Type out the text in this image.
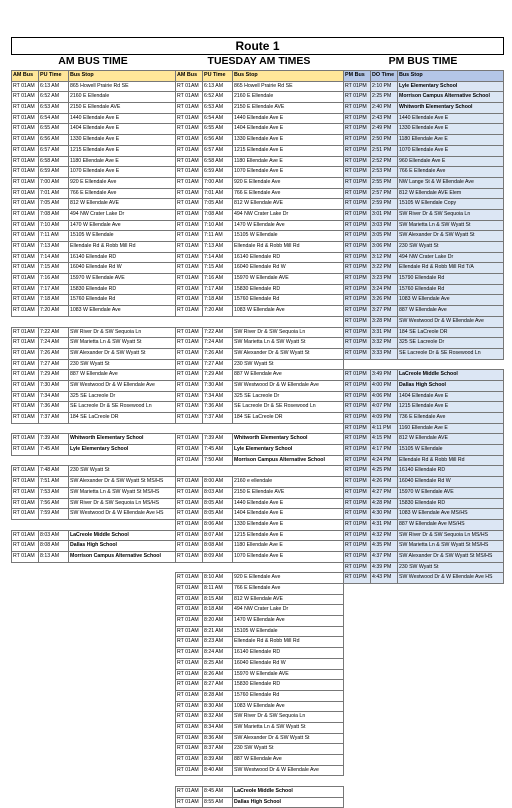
Route 1
AM BUS TIME	TUESDAY AM TIMES	PM BUS TIME
AM Bus	PU Time	Bus Stop
RT 01AM	6:13 AM	865 Howell Prairie Rd SE
RT 01AM	6:52 AM	2160 E Ellendale
RT 01AM	6:53 AM	2150 E Ellendale AVE
RT 01AM	6:54 AM	1440 Ellendale Ave E
RT 01AM	6:55 AM	1404 Ellendale Ave E
RT 01AM	6:56 AM	1330 Ellendale Ave E
RT 01AM	6:57 AM	1215 Ellendale Ave E
RT 01AM	6:58 AM	1180 Ellendale Ave E
RT 01AM	6:59 AM	1070 Ellendale Ave E
RT 01AM	7:00 AM	920 E Ellendale Ave
RT 01AM	7:01 AM	766 E Ellendale Ave
RT 01AM	7:05 AM	812 W Ellendale AVE
RT 01AM	7:08 AM	494 NW Crater Lake Dr
RT 01AM	7:10 AM	1470 W Ellendale Ave
RT 01AM	7:11 AM	15105 W Ellendale
RT 01AM	7:13 AM	Ellendale Rd & Robb Mill Rd
RT 01AM	7:14 AM	16140 Ellendale RD
RT 01AM	7:15 AM	16040 Ellendale Rd W
RT 01AM	7:16 AM	15970 W Ellendale AVE
RT 01AM	7:17 AM	15830 Ellendale RD
RT 01AM	7:18 AM	15760 Ellendale Rd
RT 01AM	7:20 AM	1083 W Ellendale Ave

RT 01AM	7:22 AM	SW River Dr & SW Sequoia Ln
RT 01AM	7:24 AM	SW Marietta Ln & SW Wyatt St
RT 01AM	7:26 AM	SW Alexander Dr & SW Wyatt St
RT 01AM	7:27 AM	230 SW Wyatt St
RT 01AM	7:29 AM	887 W Ellendale Ave
RT 01AM	7:30 AM	SW Westwood Dr & W Ellendale Ave
RT 01AM	7:34 AM	325 SE Lacreole Dr
RT 01AM	7:36 AM	SE Lacreole Dr & SE Rosewood Ln
RT 01AM	7:37 AM	184 SE LaCreole DR

RT 01AM	7:39 AM	Whitworth Elementary School
RT 01AM	7:45 AM	Lyle Elementary School

RT 01AM	7:48 AM	230 SW Wyatt St
RT 01AM	7:51 AM	SW Alexander Dr & SW Wyatt St MS/HS
RT 01AM	7:53 AM	SW Marietta Ln & SW Wyatt St MS/HS
RT 01AM	7:56 AM	SW River Dr & SW Sequoia Ln MS/HS
RT 01AM	7:59 AM	SW Westwood Dr & W Ellendale Ave HS

RT 01AM	8:03 AM	LaCreole Middle School
RT 01AM	8:08 AM	Dallas High School
RT 01AM	8:13 AM	Morrison Campus Alternative School
AM Bus	PU Time	Bus Stop
RT 01AM	6:13 AM	865 Howell Prairie Rd SE
RT 01AM	6:52 AM	2160 E Ellendale
RT 01AM	6:53 AM	2150 E Ellendale AVE
RT 01AM	6:54 AM	1440 Ellendale Ave E
RT 01AM	6:55 AM	1404 Ellendale Ave E
RT 01AM	6:56 AM	1330 Ellendale Ave E
RT 01AM	6:57 AM	1215 Ellendale Ave E
RT 01AM	6:58 AM	1180 Ellendale Ave E
RT 01AM	6:59 AM	1070 Ellendale Ave E
RT 01AM	7:00 AM	920 E Ellendale Ave
RT 01AM	7:01 AM	766 E Ellendale Ave
RT 01AM	7:05 AM	812 W Ellendale AVE
RT 01AM	7:08 AM	494 NW Crater Lake Dr
RT 01AM	7:10 AM	1470 W Ellendale Ave
RT 01AM	7:11 AM	15105 W Ellendale
RT 01AM	7:13 AM	Ellendale Rd & Robb Mill Rd
RT 01AM	7:14 AM	16140 Ellendale RD
RT 01AM	7:15 AM	16040 Ellendale Rd W
RT 01AM	7:16 AM	15970 W Ellendale AVE
RT 01AM	7:17 AM	15830 Ellendale RD
RT 01AM	7:18 AM	15760 Ellendale Rd
RT 01AM	7:20 AM	1083 W Ellendale Ave

RT 01AM	7:22 AM	SW River Dr & SW Sequoia Ln
RT 01AM	7:24 AM	SW Marietta Ln & SW Wyatt St
RT 01AM	7:26 AM	SW Alexander Dr & SW Wyatt St
RT 01AM	7:27 AM	230 SW Wyatt St
RT 01AM	7:29 AM	887 W Ellendale Ave
RT 01AM	7:30 AM	SW Westwood Dr & W Ellendale Ave
RT 01AM	7:34 AM	325 SE Lacreole Dr
RT 01AM	7:36 AM	SE Lacreole Dr & SE Rosewood Ln
RT 01AM	7:37 AM	184 SE LaCreole DR

RT 01AM	7:39 AM	Whitworth Elementary School
RT 01AM	7:45 AM	Lyle Elementary School
RT 01AM	7:50 AM	Morrison Campus Alternative School

RT 01AM	8:00 AM	2160 e ellendale
RT 01AM	8:03 AM	2150 E Ellendale AVE
RT 01AM	8:05 AM	1440 Ellendale Ave E
RT 01AM	8:05 AM	1404 Ellendale Ave E
RT 01AM	8:06 AM	1330 Ellendale Ave E
RT 01AM	8:07 AM	1215 Ellendale Ave E
RT 01AM	8:08 AM	1180 Ellendale Ave E
RT 01AM	8:09 AM	1070 Ellendale Ave E

RT 01AM	8:10 AM	920 E Ellendale Ave
RT 01AM	8:11 AM	766 E Ellendale Ave
RT 01AM	8:15 AM	812 W Ellendale AVE
RT 01AM	8:18 AM	494 NW Crater Lake Dr
RT 01AM	8:20 AM	1470 W Ellendale Ave
RT 01AM	8:21 AM	15105 W Ellendale
RT 01AM	8:23 AM	Ellendale Rd & Robb Mill Rd
RT 01AM	8:24 AM	16140 Ellendale RD
RT 01AM	8:25 AM	16040 Ellendale Rd W
RT 01AM	8:26 AM	15970 W Ellendale AVE
RT 01AM	8:27 AM	15830 Ellendale RD
RT 01AM	8:28 AM	15760 Ellendale Rd
RT 01AM	8:30 AM	1083 W Ellendale Ave
RT 01AM	8:32 AM	SW River Dr & SW Sequoia Ln
RT 01AM	8:34 AM	SW Marietta Ln & SW Wyatt St
RT 01AM	8:36 AM	SW Alexander Dr & SW Wyatt St
RT 01AM	8:37 AM	230 SW Wyatt St
RT 01AM	8:39 AM	887 W Ellendale Ave
RT 01AM	8:40 AM	SW Westwood Dr & W Ellendale Ave

RT 01AM	8:45 AM	LaCreole Middle School
RT 01AM	8:55 AM	Dallas High School
PM Bus	DO Time	Bus Stop
RT 01PM	2:10 PM	Lyle Elementary School
RT 01PM	2:25 PM	Morrison Campus Alternative School
RT 01PM	2:40 PM	Whitworth Elementary School
RT 01PM	2:43 PM	1440 Ellendale Ave E
RT 01PM	2:49 PM	1330 Ellendale Ave E
RT 01PM	2:50 PM	1180 Ellendale Ave E
RT 01PM	2:51 PM	1070 Ellendale Ave E
RT 01PM	2:52 PM	960 Ellendale Ave E
RT 01PM	2:53 PM	766 E Ellendale Ave
RT 01PM	2:55 PM	NW Lange St & W Ellendale Ave
RT 01PM	2:57 PM	812 W Ellendale AVE Elem
RT 01PM	2:59 PM	15105 W Ellendale Copy
RT 01PM	3:01 PM	SW River Dr & SW Sequoia Ln
RT 01PM	3:03 PM	SW Marietta Ln & SW Wyatt St
RT 01PM	3:05 PM	SW Alexander Dr & SW Wyatt St
RT 01PM	3:06 PM	230 SW Wyatt St
RT 01PM	3:12 PM	494 NW Crater Lake Dr
RT 01PM	3:22 PM	Ellendale Rd & Robb Mill Rd T/A
RT 01PM	3:23 PM	15790 Ellendale Rd
RT 01PM	3:24 PM	15760 Ellendale Rd
RT 01PM	3:26 PM	1083 W Ellendale Ave
RT 01PM	3:27 PM	887 W Ellendale Ave
RT 01PM	3:28 PM	SW Westwood Dr & W Ellendale Ave
RT 01PM	3:31 PM	184 SE LaCreole DR
RT 01PM	3:32 PM	325 SE Lacreole Dr
RT 01PM	3:33 PM	SE Lacreole Dr & SE Rosewood Ln

RT 01PM	3:49 PM	LaCreole Middle School
RT 01PM	4:00 PM	Dallas High School
RT 01PM	4:06 PM	1404 Ellendale Ave E
RT 01PM	4:07 PM	1215 Ellendale Ave E
RT 01PM	4:09 PM	736 E Ellendale Ave
RT 01PM	4:11 PM	1160 Ellendale Ave E
RT 01PM	4:15 PM	812 W Ellendale AVE
RT 01PM	4:17 PM	15105 W Ellendale
RT 01PM	4:24 PM	Ellendale Rd & Robb Mill Rd
RT 01PM	4:25 PM	16140 Ellendale RD
RT 01PM	4:26 PM	16040 Ellendale Rd W
RT 01PM	4:27 PM	15970 W Ellendale AVE
RT 01PM	4:28 PM	15830 Ellendale RD
RT 01PM	4:30 PM	1083 W Ellendale Ave MS/HS
RT 01PM	4:31 PM	887 W Ellendale Ave MS/HS
RT 01PM	4:32 PM	SW River Dr & SW Sequoia Ln MS/HS
RT 01PM	4:35 PM	SW Marietta Ln & SW Wyatt St MS/HS
RT 01PM	4:37 PM	SW Alexander Dr & SW Wyatt St MS/HS
RT 01PM	4:39 PM	230 SW Wyatt St
RT 01PM	4:43 PM	SW Westwood Dr & W Ellendale Ave HS
